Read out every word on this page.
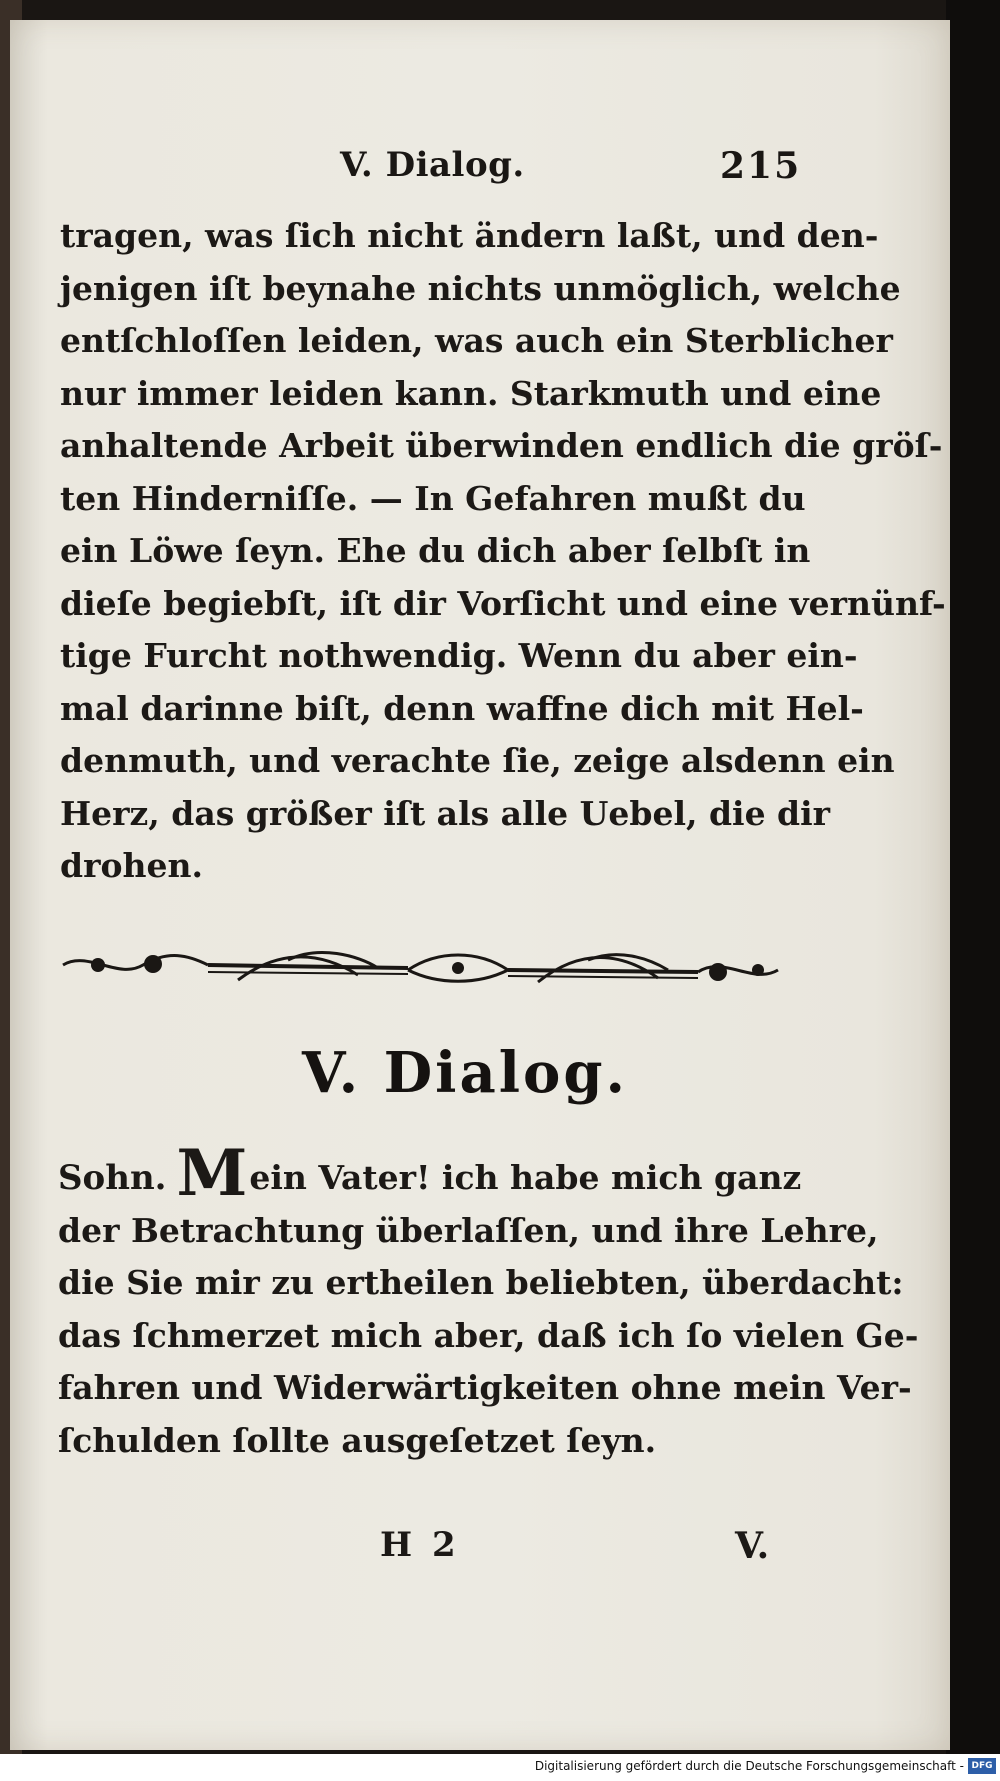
V. Dialog.	215
tragen, was ſich nicht ändern laßt, und den-
jenigen iſt beynahe nichts unmöglich, welche
entſchloſſen leiden, was auch ein Sterblicher
nur immer leiden kann. Starkmuth und eine
anhaltende Arbeit überwinden endlich die gröſ-
ten Hinderniſſe. — In Gefahren mußt du
ein Löwe ſeyn. Ehe du dich aber ſelbſt in
dieſe begiebſt, iſt dir Vorſicht und eine vernünf-
tige Furcht nothwendig. Wenn du aber ein-
mal darinne biſt, denn waffne dich mit Hel-
denmuth, und verachte ſie, zeige alsdenn ein
Herz, das größer iſt als alle Uebel, die dir
drohen.
V. Dialog.
Sohn. Mein Vater! ich habe mich ganz
der Betrachtung überlaſſen, und ihre Lehre,
die Sie mir zu ertheilen beliebten, überdacht:
das ſchmerzet mich aber, daß ich ſo vielen Ge-
fahren und Widerwärtigkeiten ohne mein Ver-
ſchulden ſollte ausgeſetzet ſeyn.
H 2	V.
Digitalisierung gefördert durch die Deutsche Forschungsgemeinschaft - DFG
